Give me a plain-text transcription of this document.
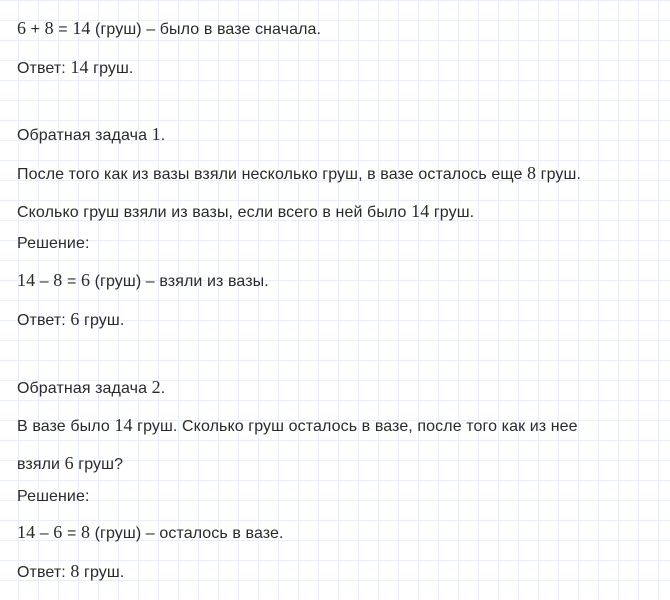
6 + 8 = 14 (груш) – было в вазе сначала.
Ответ: 14 груш.
Обратная задача 1.
После того как из вазы взяли несколько груш, в вазе осталось еще 8 груш.
Сколько груш взяли из вазы, если всего в ней было 14 груш.
Решение:
14 – 8 = 6 (груш) – взяли из вазы.
Ответ: 6 груш.
Обратная задача 2.
В вазе было 14 груш. Сколько груш осталось в вазе, после того как из нее
взяли 6 груш?
Решение:
14 – 6 = 8 (груш) – осталось в вазе.
Ответ: 8 груш.
